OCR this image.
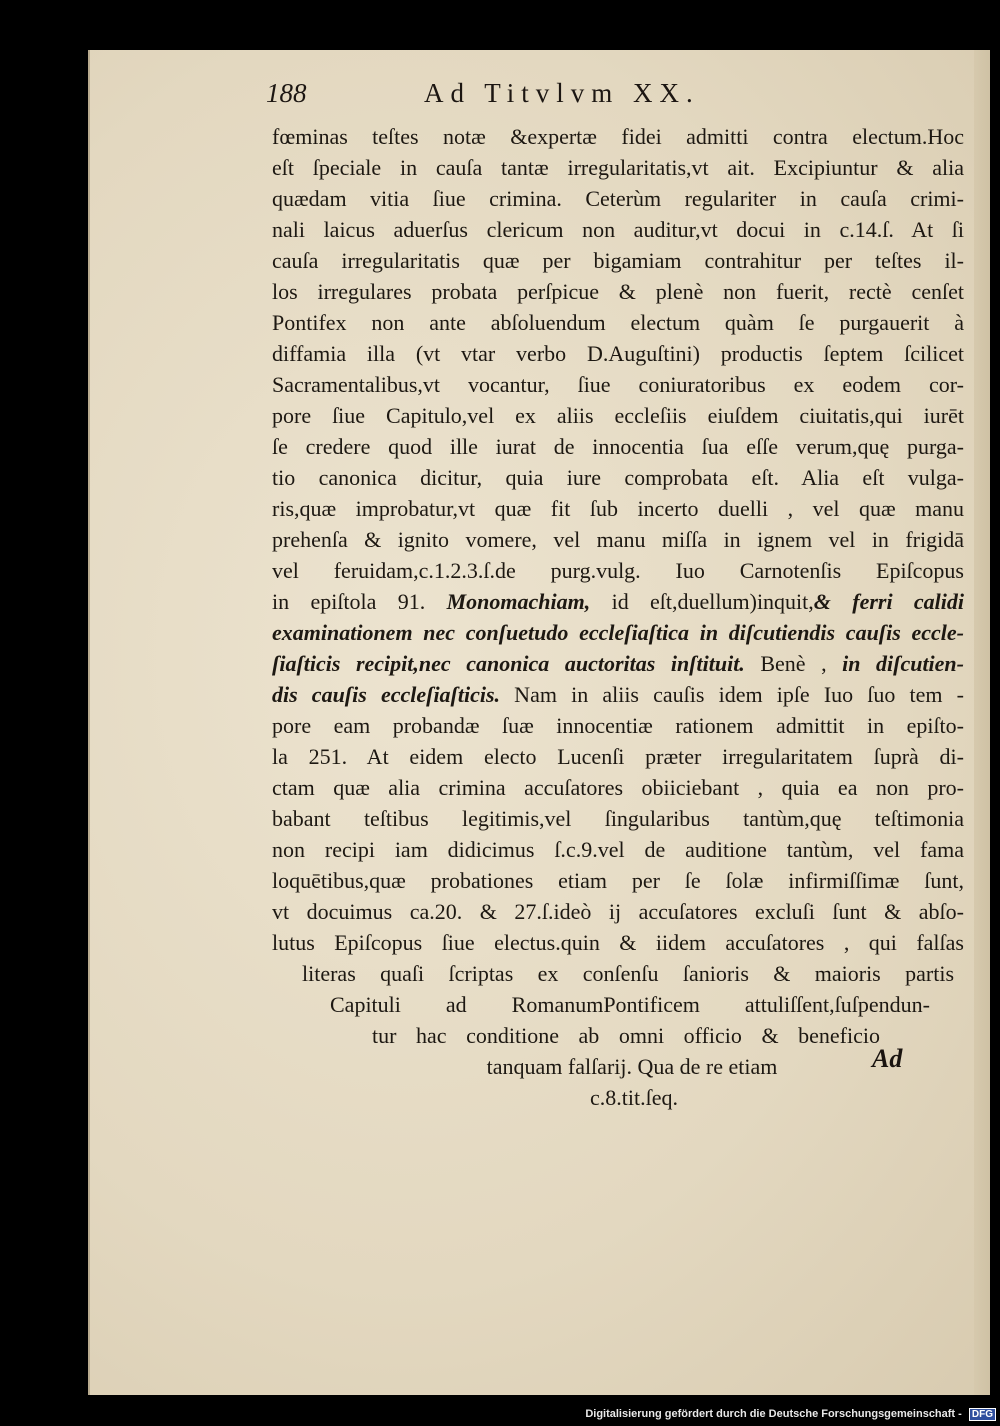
188	Ad Titvlvm XX.
fœminas teſtes notæ &expertæ fidei admitti contra electum.Hoc
eſt ſpeciale in cauſa tantæ irregularitatis,vt ait. Excipiuntur & alia
quædam vitia ſiue crimina. Ceterùm regulariter in cauſa crimi-
nali laicus aduerſus clericum non auditur,vt docui in c.14.ſ. At ſi
cauſa irregularitatis quæ per bigamiam contrahitur per teſtes il-
los irregulares probata perſpicue & plenè non fuerit, rectè cenſet
Pontifex non ante abſoluendum electum quàm ſe purgauerit à
diffamia illa (vt vtar verbo D.Auguſtini) productis ſeptem ſcilicet
Sacramentalibus,vt vocantur, ſiue coniuratoribus ex eodem cor-
pore ſiue Capitulo,vel ex aliis eccleſiis eiuſdem ciuitatis,qui iurēt
ſe credere quod ille iurat de innocentia ſua eſſe verum,quę purga-
tio canonica dicitur, quia iure comprobata eſt. Alia eſt vulga-
ris,quæ improbatur,vt quæ fit ſub incerto duelli , vel quæ manu
prehenſa & ignito vomere, vel manu miſſa in ignem vel in frigidā
vel feruidam,c.1.2.3.ſ.de purg.vulg. Iuo Carnotenſis Epiſcopus
in epiſtola 91. Monomachiam, id eſt,duellum)inquit,& ferri calidi
examinationem nec conſuetudo eccleſiaſtica in diſcutiendis cauſis eccle-
ſiaſticis recipit,nec canonica auctoritas inſtituit. Benè , in diſcutien-
dis cauſis eccleſiaſticis. Nam in aliis cauſis idem ipſe Iuo ſuo tem -
pore eam probandæ ſuæ innocentiæ rationem admittit in epiſto-
la 251. At eidem electo Lucenſi præter irregularitatem ſuprà di-
ctam quæ alia crimina accuſatores obiiciebant , quia ea non pro-
babant teſtibus legitimis,vel ſingularibus tantùm,quę teſtimonia
non recipi iam didicimus ſ.c.9.vel de auditione tantùm, vel fama
loquētibus,quæ probationes etiam per ſe ſolæ infirmiſſimæ ſunt,
vt docuimus ca.20. & 27.ſ.ideò ij accuſatores excluſi ſunt & abſo-
lutus Epiſcopus ſiue electus.quin & iidem accuſatores , qui falſas
literas quaſi ſcriptas ex conſenſu ſanioris & maioris partis
Capituli ad RomanumPontificem attuliſſent,ſuſpendun-
tur hac conditione ab omni officio & beneficio
tanquam falſarij. Qua de re etiam
c.8.tit.ſeq.
Ad
Digitalisierung gefördert durch die Deutsche Forschungsgemeinschaft - DFG
